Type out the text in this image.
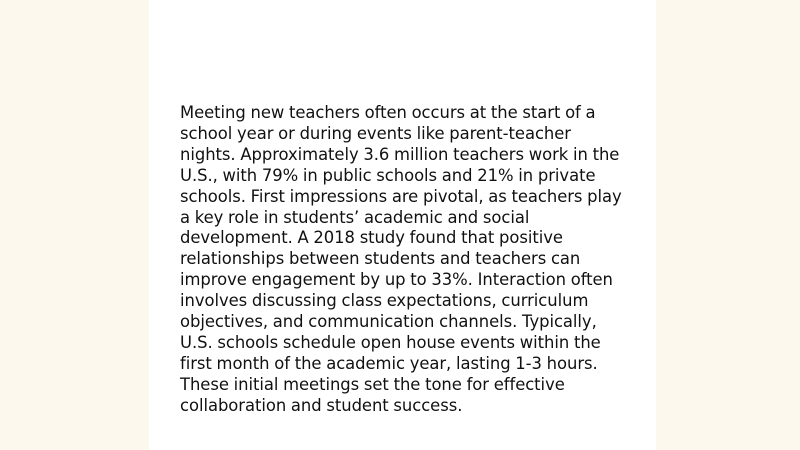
Meeting new teachers often occurs at the start of a
school year or during events like parent-teacher
nights. Approximately 3.6 million teachers work in the
U.S., with 79% in public schools and 21% in private
schools. First impressions are pivotal, as teachers play
a key role in students’ academic and social
development. A 2018 study found that positive
relationships between students and teachers can
improve engagement by up to 33%. Interaction often
involves discussing class expectations, curriculum
objectives, and communication channels. Typically,
U.S. schools schedule open house events within the
first month of the academic year, lasting 1-3 hours.
These initial meetings set the tone for effective
collaboration and student success.
